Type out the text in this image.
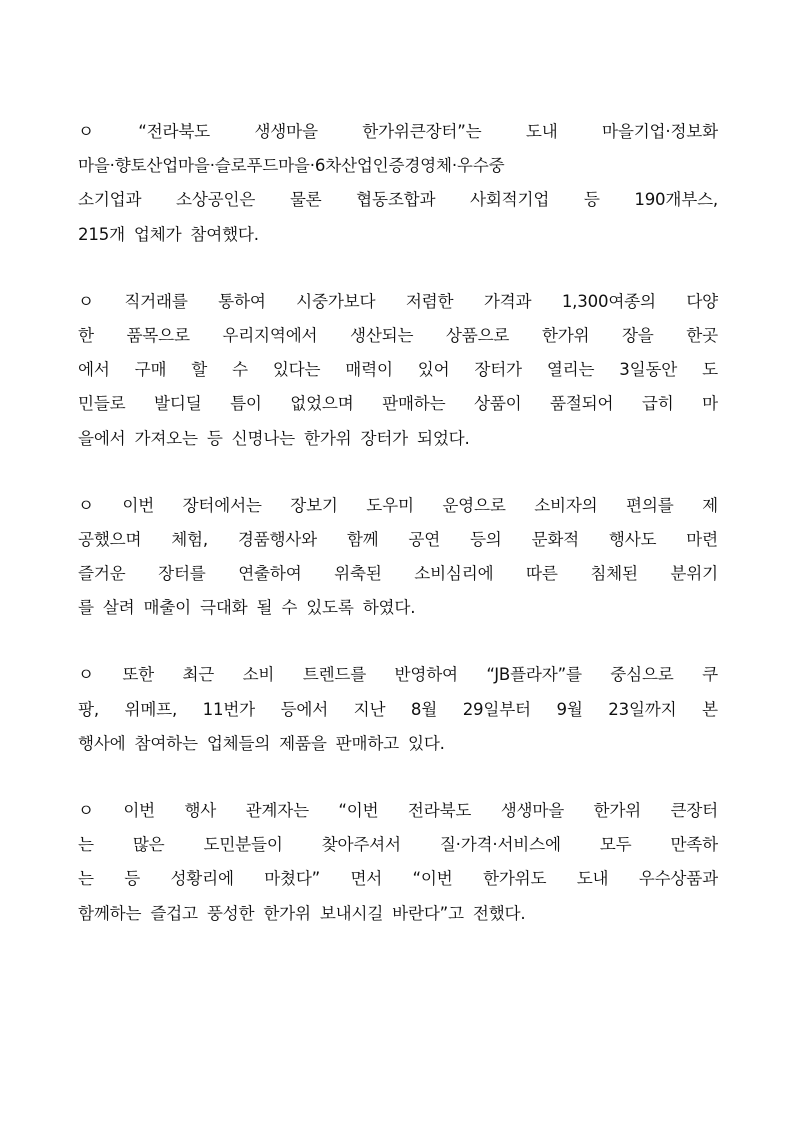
ㅇ	“전라북도	생생마을	한가위큰장터”는	도내	마을기업·정보화
마을·향토산업마을·슬로푸드마을·6차산업인증경영체·우수중
소기업과 소상공인은 물론 협동조합과 사회적기업 등 190개부스,
215개 업체가 참여했다.
ㅇ 직거래를 통하여 시중가보다 저렴한 가격과 1,300여종의 다양
한 품목으로 우리지역에서 생산되는 상품으로 한가위 장을 한곳
에서 구매 할 수 있다는 매력이 있어 장터가 열리는 3일동안 도
민들로 발디딜 틈이 없었으며 판매하는 상품이 품절되어 급히 마
을에서 가져오는 등 신명나는 한가위 장터가 되었다.
ㅇ 이번 장터에서는 장보기 도우미 운영으로 소비자의 편의를 제
공했으며 체험, 경품행사와 함께 공연 등의 문화적 행사도 마련
즐거운 장터를 연출하여 위축된 소비심리에 따른 침체된 분위기
를 살려 매출이 극대화 될 수 있도록 하였다.
ㅇ 또한 최근 소비 트렌드를 반영하여 “JB플라자”를 중심으로 쿠
팡, 위메프, 11번가 등에서 지난 8월 29일부터 9월 23일까지 본
행사에 참여하는 업체들의 제품을 판매하고 있다.
ㅇ 이번 행사 관계자는 “이번 전라북도 생생마을 한가위 큰장터
는 많은 도민분들이 찾아주셔서 질·가격·서비스에 모두 만족하
는 등 성황리에 마쳤다” 면서 “이번 한가위도 도내 우수상품과
함께하는 즐겁고 풍성한 한가위 보내시길 바란다”고 전했다.
